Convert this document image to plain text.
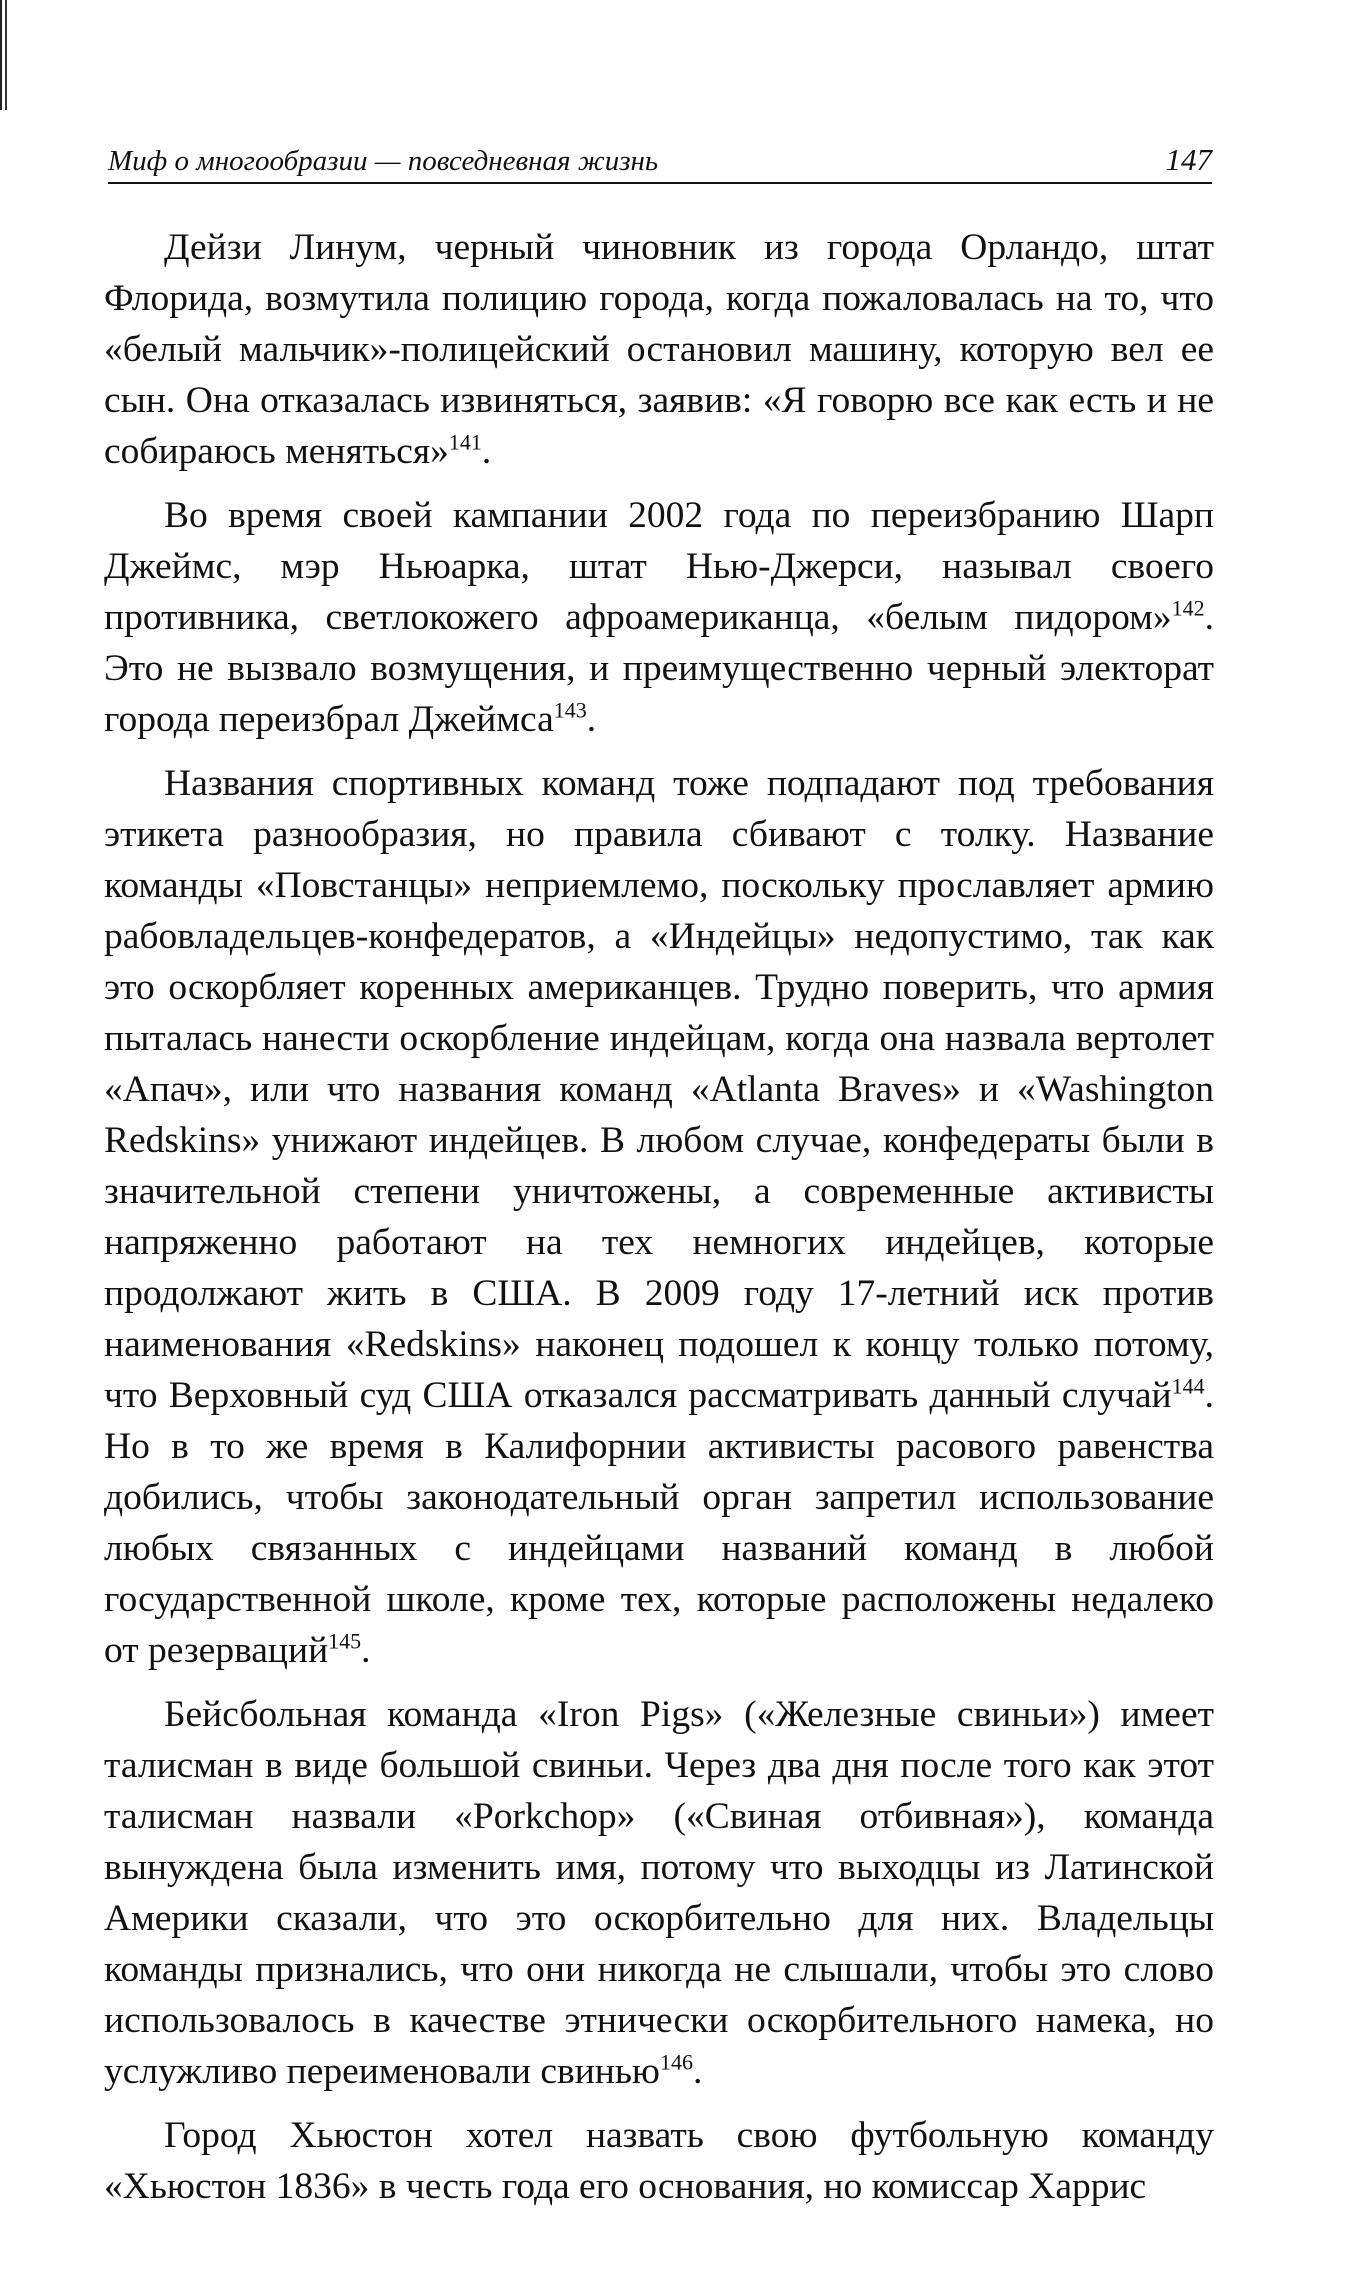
Миф о многообразии — повседневная жизнь	147

Дейзи Линум, черный чиновник из города Орландо, штат Флорида, возмутила полицию города, когда пожаловалась на то, что «белый мальчик»-полицейский остановил машину, которую вел ее сын. Она отказалась извиняться, заявив: «Я говорю все как есть и не собираюсь меняться»$^{141}$.

Во время своей кампании 2002 года по переизбранию Шарп Джеймс, мэр Ньюарка, штат Нью-Джерси, называл своего противника, светлокожего афроамериканца, «белым пидором»$^{142}$. Это не вызвало возмущения, и преимущественно черный электорат города переизбрал Джеймса$^{143}$.

Названия спортивных команд тоже подпадают под требования этикета разнообразия, но правила сбивают с толку. Название команды «Повстанцы» неприемлемо, поскольку прославляет армию рабовладельцев-конфедератов, а «Индейцы» недопустимо, так как это оскорбляет коренных американцев. Трудно поверить, что армия пыталась нанести оскорбление индейцам, когда она назвала вертолет «Апач», или что названия команд «Atlanta Braves» и «Washington Redskins» унижают индейцев. В любом случае, конфедераты были в значительной степени уничтожены, а современные активисты напряженно работают на тех немногих индейцев, которые продолжают жить в США. В 2009 году 17-летний иск против наименования «Redskins» наконец подошел к концу только потому, что Верховный суд США отказался рассматривать данный случай$^{144}$. Но в то же время в Калифорнии активисты расового равенства добились, чтобы законодательный орган запретил использование любых связанных с индейцами названий команд в любой государственной школе, кроме тех, которые расположены недалеко от резерваций$^{145}$.

Бейсбольная команда «Iron Pigs» («Железные свиньи») имеет талисман в виде большой свиньи. Через два дня после того как этот талисман назвали «Porkchop» («Свиная отбивная»), команда вынуждена была изменить имя, потому что выходцы из Латинской Америки сказали, что это оскорбительно для них. Владельцы команды признались, что они никогда не слышали, чтобы это слово использовалось в качестве этнически оскорбительного намека, но услужливо переименовали свинью$^{146}$.

Город Хьюстон хотел назвать свою футбольную команду «Хьюстон 1836» в честь года его основания, но комиссар Харрис
